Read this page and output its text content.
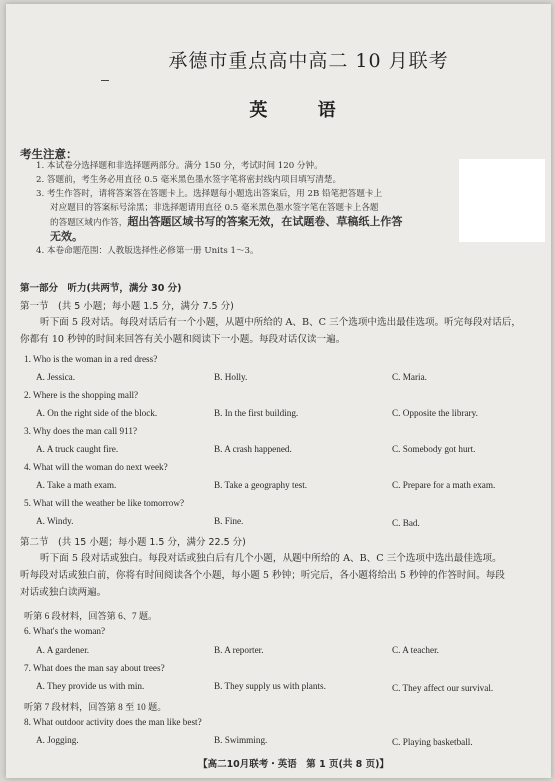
承德市重点高中高二 10 月联考
英 语
考生注意：

1. 本试卷分选择题和非选择题两部分。满分 150 分，考试时间 120 分钟。

2. 答题前，考生务必用直径 0.5 毫米黑色墨水签字笔将密封线内项目填写清楚。

3. 考生作答时，请将答案答在答题卡上。选择题每小题选出答案后，用 2B 铅笔把答题卡上

对应题目的答案标号涂黑；非选择题请用直径 0.5 毫米黑色墨水签字笔在答题卡上各题

的答题区域内作答，超出答题区域书写的答案无效，在试题卷、草稿纸上作答

无效。

4. 本卷命题范围：人教版选择性必修第一册 Units 1～3。

第一部分　听力(共两节，满分 30 分)
第一节　(共 5 小题；每小题 1.5 分，满分 7.5 分)
听下面 5 段对话。每段对话后有一个小题，从题中所给的 A、B、C 三个选项中选出最佳选项。听完每段对话后，
你都有 10 秒钟的时间来回答有关小题和阅读下一小题。每段对话仅读一遍。
1. Who is the woman in a red dress?
A. Jessica.	B. Holly.	C. Maria.
2. Where is the shopping mall?
A. On the right side of the block.	B. In the first building.	C. Opposite the library.
3. Why does the man call 911?
A. A truck caught fire.	B. A crash happened.	C. Somebody got hurt.
4. What will the woman do next week?
A. Take a math exam.	B. Take a geography test.	C. Prepare for a math exam.
5. What will the weather be like tomorrow?
A. Windy.	B. Fine.	C. Bad.
第二节　(共 15 小题；每小题 1.5 分，满分 22.5 分)
听下面 5 段对话或独白。每段对话或独白后有几个小题，从题中所给的 A、B、C 三个选项中选出最佳选项。
听每段对话或独白前，你将有时间阅读各个小题，每小题 5 秒钟；听完后，各小题将给出 5 秒钟的作答时间。每段
对话或独白读两遍。
听第 6 段材料，回答第 6、7 题。
6. What's the woman?
A. A gardener.	B. A reporter.	C. A teacher.
7. What does the man say about trees?
A. They provide us with min.	B. They supply us with plants.	C. They affect our survival.
听第 7 段材料，回答第 8 至 10 题。
8. What outdoor activity does the man like best?
A. Jogging.	B. Swimming.	C. Playing basketball.
【高二10月联考・英语　第 1 页(共 8 页)】
